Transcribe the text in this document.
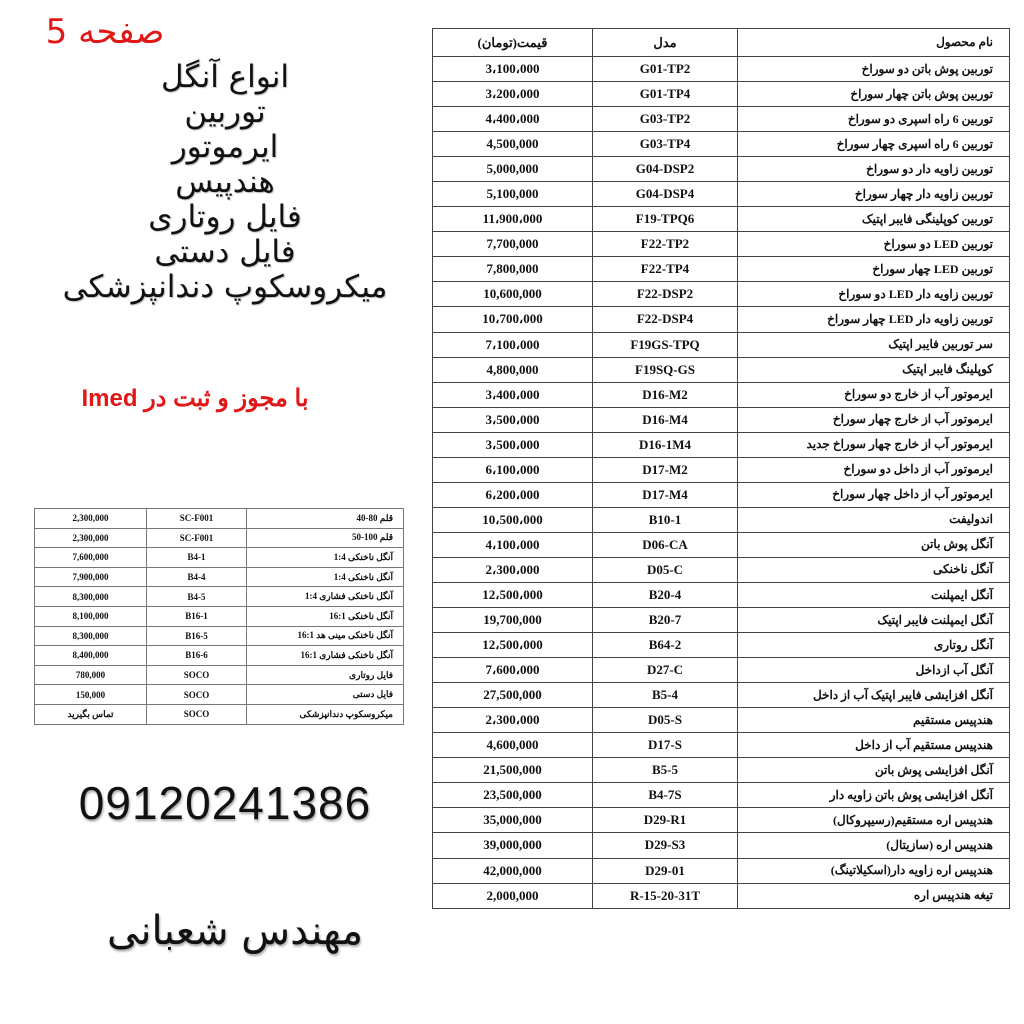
صفحه 5
انواع آنگل
توربین
ایرموتور
هندپیس
فایل روتاری
فایل دستی
میکروسکوپ دندانپزشکی
با مجوز و ثبت در Imed
2,300,000	SC-F001	قلم 80-40
2,300,000	SC-F001	قلم 100-50
7,600,000	B4-1	آنگل ناخنکی 1:4
7,900,000	B4-4	آنگل ناخنکی 1:4
8,300,000	B4-5	آنگل ناخنکی فشاری 1:4
8,100,000	B16-1	آنگل ناخنکی 16:1
8,300,000	B16-5	آنگل ناخنکی مینی هد 16:1
8,400,000	B16-6	آنگل ناخنکی فشاری 16:1
780,000	SOCO	فایل روتاری
150,000	SOCO	فایل دستی
تماس بگیرید	SOCO	میکروسکوپ دندانپزشکی
09120241386
مهندس شعبانی
قیمت(تومان)	مدل	نام محصول
3،100،000	G01-TP2	توربین پوش باتن دو سوراخ
3،200،000	G01-TP4	توربین پوش باتن چهار سوراخ
4،400،000	G03-TP2	توربین 6 راه اسپری دو سوراخ
4,500,000	G03-TP4	توربین 6 راه اسپری چهار سوراخ
5,000,000	G04-DSP2	توربین زاویه دار دو سوراخ
5,100,000	G04-DSP4	توربین زاویه دار چهار سوراخ
11،900،000	F19-TPQ6	توربین کوپلینگی فایبر اپتیک
7,700,000	F22-TP2	توربین LED دو سوراخ
7,800,000	F22-TP4	توربین LED چهار سوراخ
10,600,000	F22-DSP2	توربین زاویه دار LED دو سوراخ
10،700،000	F22-DSP4	توربین زاویه دار LED چهار سوراخ
7،100،000	F19GS-TPQ	سر توربین فایبر اپتیک
4,800,000	F19SQ-GS	کوپلینگ فایبر اپتیک
3،400،000	D16-M2	ایرموتور آب از خارج دو سوراخ
3،500،000	D16-M4	ایرموتور آب از خارج چهار سوراخ
3،500،000	D16-1M4	ایرموتور آب از خارج چهار سوراخ جدید
6،100،000	D17-M2	ایرموتور آب از داخل دو سوراخ
6،200،000	D17-M4	ایرموتور آب از داخل چهار سوراخ
10،500،000	B10-1	اندولیفت
4،100،000	D06-CA	آنگل پوش باتن
2،300،000	D05-C	آنگل ناخنکی
12،500،000	B20-4	آنگل ایمپلنت
19,700,000	B20-7	آنگل ایمپلنت فایبر اپتیک
12،500،000	B64-2	آنگل روتاری
7،600،000	D27-C	آنگل آب ازداخل
27,500,000	B5-4	آنگل افزایشی فایبر اپتیک آب از داخل
2،300،000	D05-S	هندپیس مستقیم
4,600,000	D17-S	هندپیس مستقیم آب از داخل
21,500,000	B5-5	آنگل افزایشی پوش باتن
23,500,000	B4-7S	آنگل افزایشی پوش باتن زاویه دار
35,000,000	D29-R1	هندپیس اره مستقیم(رسیپروکال)
39,000,000	D29-S3	هندپیس اره (سازیتال)
42,000,000	D29-01	هندپیس اره زاویه دار(اسکیلاتینگ)
2,000,000	R-15-20-31T	تیغه هندپیس اره
